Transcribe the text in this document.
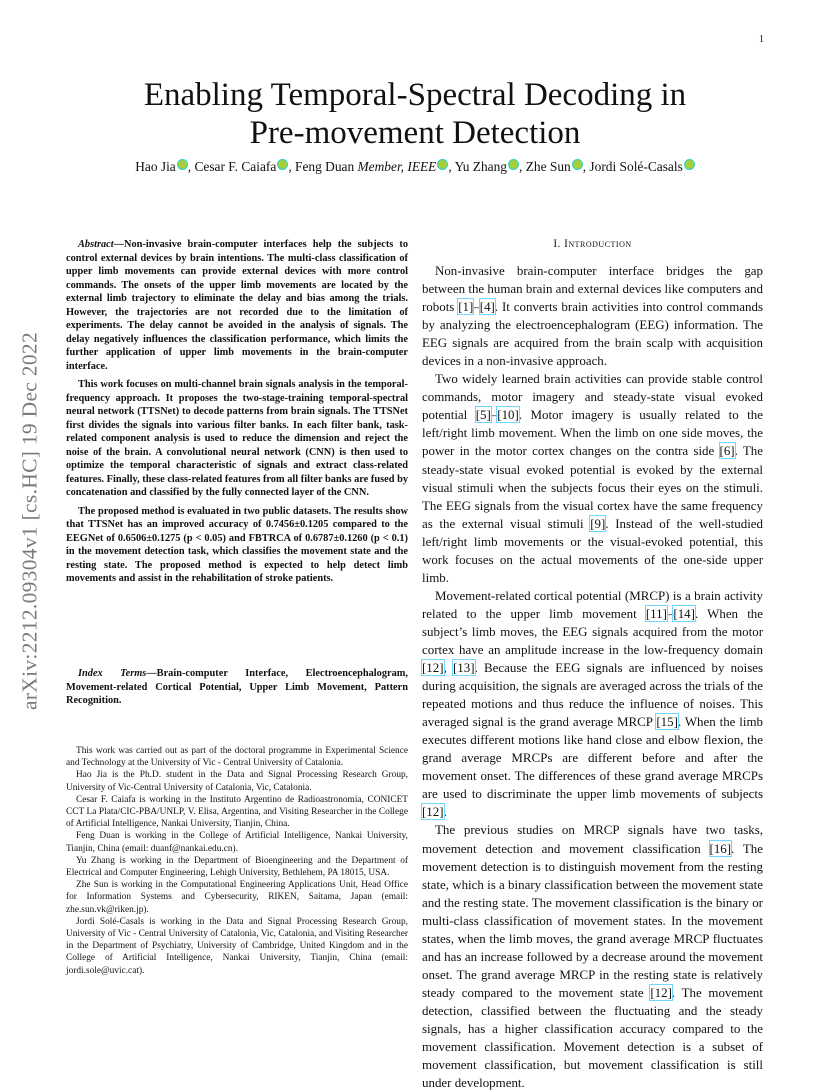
1
arXiv:2212.09304v1 [cs.HC] 19 Dec 2022
Enabling Temporal-Spectral Decoding in
Pre-movement Detection
Hao Jia , Cesar F. Caiafa , Feng Duan Member, IEEE , Yu Zhang , Zhe Sun , Jordi Solé-Casals

Abstract—Non-invasive brain-computer interfaces help the subjects to control external devices by brain intentions. The multi-class classification of upper limb movements can provide external devices with more control commands. The onsets of the upper limb movements are located by the external limb trajectory to eliminate the delay and bias among the trials. However, the trajectories are not recorded due to the limitation of experiments. The delay cannot be avoided in the analysis of signals. The delay negatively influences the classification performance, which limits the further application of upper limb movements in the brain-computer interface.

This work focuses on multi-channel brain signals analysis in the temporal-frequency approach. It proposes the two-stage-training temporal-spectral neural network (TTSNet) to decode patterns from brain signals. The TTSNet first divides the signals into various filter banks. In each filter bank, task-related component analysis is used to reduce the dimension and reject the noise of the brain. A convolutional neural network (CNN) is then used to optimize the temporal characteristic of signals and extract class-related features. Finally, these class-related features from all filter banks are fused by concatenation and classified by the fully connected layer of the CNN.

The proposed method is evaluated in two public datasets. The results show that TTSNet has an improved accuracy of 0.7456±0.1205 compared to the EEGNet of 0.6506±0.1275 (p < 0.05) and FBTRCA of 0.6787±0.1260 (p < 0.1) in the movement detection task, which classifies the movement state and the resting state. The proposed method is expected to help detect limb movements and assist in the rehabilitation of stroke patients.

Index Terms—Brain-computer Interface, Electroencephalogram, Movement-related Cortical Potential, Upper Limb Movement, Pattern Recognition.

This work was carried out as part of the doctoral programme in Experimental Science and Technology at the University of Vic - Central University of Catalonia.

Hao Jia is the Ph.D. student in the Data and Signal Processing Research Group, University of Vic-Central University of Catalonia, Vic, Catalonia.

Cesar F. Caiafa is working in the Instituto Argentino de Radioastronomía, CONICET CCT La Plata/CIC-PBA/UNLP, V. Elisa, Argentina, and Visiting Researcher in the College of Artificial Intelligence, Nankai University, Tianjin, China.

Feng Duan is working in the College of Artificial Intelligence, Nankai University, Tianjin, China (email: duanf@nankai.edu.cn).

Yu Zhang is working in the Department of Bioengineering and the Department of Electrical and Computer Engineering, Lehigh University, Bethlehem, PA 18015, USA.

Zhe Sun is working in the Computational Engineering Applications Unit, Head Office for Information Systems and Cybersecurity, RIKEN, Saitama, Japan (email: zhe.sun.vk@riken.jp).

Jordi Solé-Casals is working in the Data and Signal Processing Research Group, University of Vic - Central University of Catalonia, Vic, Catalonia, and Visiting Researcher in the Department of Psychiatry, University of Cambridge, United Kingdom and in the College of Artificial Intelligence, Nankai University, Tianjin, China (email: jordi.sole@uvic.cat).

I. Introduction

Non-invasive brain-computer interface bridges the gap between the human brain and external devices like computers and robots [1]–[4]. It converts brain activities into control commands by analyzing the electroencephalogram (EEG) information. The EEG signals are acquired from the brain scalp with acquisition devices in a non-invasive approach.

Two widely learned brain activities can provide stable control commands, motor imagery and steady-state visual evoked potential [5]–[10]. Motor imagery is usually related to the left/right limb movement. When the limb on one side moves, the power in the motor cortex changes on the contra side [6]. The steady-state visual evoked potential is evoked by the external visual stimuli when the subjects focus their eyes on the stimuli. The EEG signals from the visual cortex have the same frequency as the external visual stimuli [9]. Instead of the well-studied left/right limb movements or the visual-evoked potential, this work focuses on the actual movements of the one-side upper limb.

Movement-related cortical potential (MRCP) is a brain activity related to the upper limb movement [11]–[14]. When the subject’s limb moves, the EEG signals acquired from the motor cortex have an amplitude increase in the low-frequency domain [12], [13]. Because the EEG signals are influenced by noises during acquisition, the signals are averaged across the trials of the repeated motions and thus reduce the influence of noises. This averaged signal is the grand average MRCP [15]. When the limb executes different motions like hand close and elbow flexion, the grand average MRCPs are different before and after the movement onset. The differences of these grand average MRCPs are used to discriminate the upper limb movements of subjects [12].

The previous studies on MRCP signals have two tasks, movement detection and movement classification [16]. The movement detection is to distinguish movement from the resting state, which is a binary classification between the movement state and the resting state. The movement classification is the binary or multi-class classification of movement states. In the movement states, when the limb moves, the grand average MRCP fluctuates and has an increase followed by a decrease around the movement onset. The grand average MRCP in the resting state is relatively steady compared to the movement state [12]. The movement detection, classified between the fluctuating and the steady signals, has a higher classification accuracy compared to the movement classification. Movement detection is a subset of movement classification, but movement classification is still under development.
